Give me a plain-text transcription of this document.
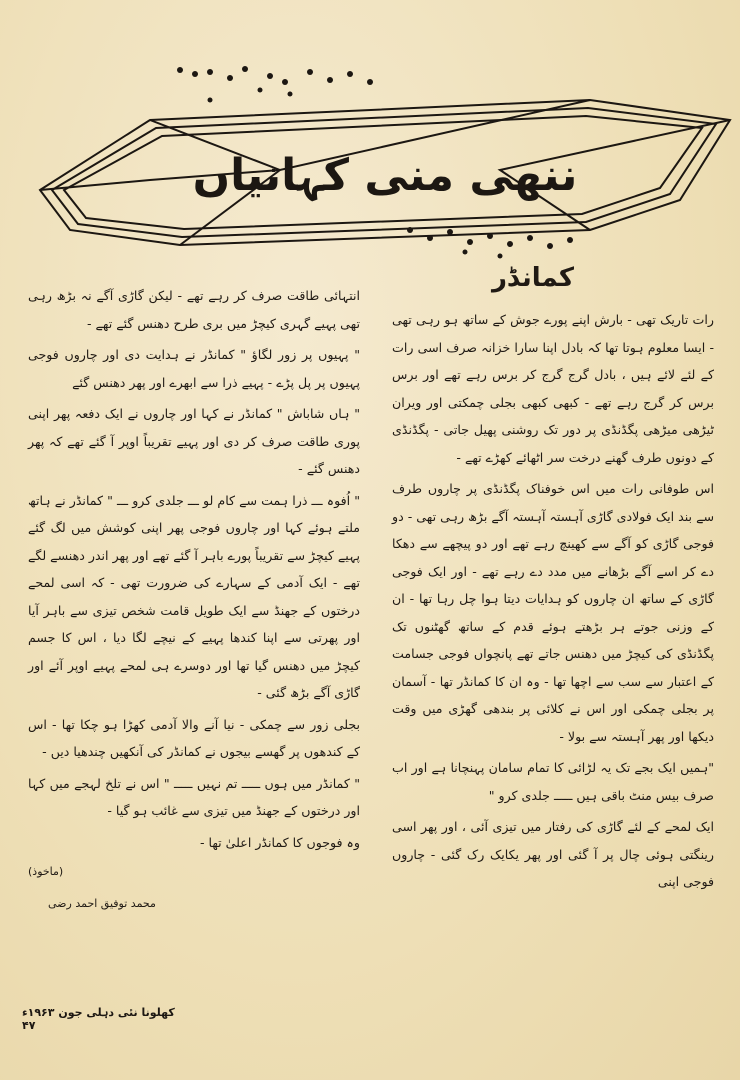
ننھی منی کہانیاں
کمانڈر

رات تاریک تھی - بارش اپنے پورے جوش کے ساتھ ہو رہی تھی - ایسا معلوم ہوتا تھا کہ بادل اپنا سارا خزانہ صرف اسی رات کے لئے لائے ہیں ، بادل گرج گرج کر برس رہے تھے اور برس برس کر گرج رہے تھے - کبھی کبھی بجلی چمکتی اور ویران ٹیڑھی میڑھی پگڈنڈی پر دور تک روشنی پھیل جاتی - پگڈنڈی کے دونوں طرف گھنے درخت سر اٹھائے کھڑے تھے -

اس طوفانی رات میں اس خوفناک پگڈنڈی پر چاروں طرف سے بند ایک فولادی گاڑی آہستہ آہستہ آگے بڑھ رہی تھی - دو فوجی گاڑی کو آگے سے کھینچ رہے تھے اور دو پیچھے سے دھکا دے کر اسے آگے بڑھانے میں مدد دے رہے تھے - اور ایک فوجی گاڑی کے ساتھ ان چاروں کو ہدایات دیتا ہوا چل رہا تھا - ان کے وزنی جوتے ہر بڑھتے ہوئے قدم کے ساتھ گھٹنوں تک پگڈنڈی کی کیچڑ میں دھنس جاتے تھے پانچواں فوجی جسامت کے اعتبار سے سب سے اچھا تھا - وہ ان کا کمانڈر تھا - آسمان پر بجلی چمکی اور اس نے کلائی پر بندھی گھڑی میں وقت دیکھا اور پھر آہستہ سے بولا -

"ہمیں ایک بجے تک یہ لڑائی کا تمام سامان پہنچانا ہے اور اب صرف بیس منٹ باقی ہیں ـــــ جلدی کرو "

ایک لمحے کے لئے گاڑی کی رفتار میں تیزی آئی ، اور پھر اسی رینگتی ہوئی چال پر آ گئی اور پھر یکایک رک گئی - چاروں فوجی اپنی

انتہائی طاقت صرف کر رہے تھے - لیکن گاڑی آگے نہ بڑھ رہی تھی پہیے گہری کیچڑ میں بری طرح دھنس گئے تھے -

" پہیوں پر زور لگاؤ " کمانڈر نے ہدایت دی اور چاروں فوجی پہیوں پر پل پڑے - پہیے ذرا سے ابھرے اور پھر دھنس گئے

" ہاں شاباش " کمانڈر نے کہا اور چاروں نے ایک دفعہ پھر اپنی پوری طاقت صرف کر دی اور پہیے تقریباً اوپر آ گئے تھے کہ پھر دھنس گئے -

" اُفوہ ـــ ذرا ہمت سے کام لو ـــ جلدی کرو ـــ " کمانڈر نے ہاتھ ملتے ہوئے کہا اور چاروں فوجی پھر اپنی کوشش میں لگ گئے پہیے کیچڑ سے تقریباً پورے باہر آ گئے تھے اور پھر اندر دھنسے لگے تھے - ایک آدمی کے سہارے کی ضرورت تھی - کہ اسی لمحے درختوں کے جھنڈ سے ایک طویل قامت شخص تیزی سے باہر آیا اور پھرتی سے اپنا کندھا پہیے کے نیچے لگا دیا ، اس کا جسم کیچڑ میں دھنس گیا تھا اور دوسرے ہی لمحے پہیے اوپر آئے اور گاڑی آگے بڑھ گئی -

بجلی زور سے چمکی - نیا آنے والا آدمی کھڑا ہو چکا تھا - اس کے کندھوں پر گھسے بیجوں نے کمانڈر کی آنکھیں چندھیا دیں -

" کمانڈر میں ہوں ـــــ تم نہیں ـــــ " اس نے تلخ لہجے میں کہا اور درختوں کے جھنڈ میں تیزی سے غائب ہو گیا -

وہ فوجوں کا کمانڈر اعلیٰ تھا -

(ماخوذ)
محمد توفیق احمد رضی
کھلونا نئی دہلی جون ۱۹۶۳ء ۴۷
